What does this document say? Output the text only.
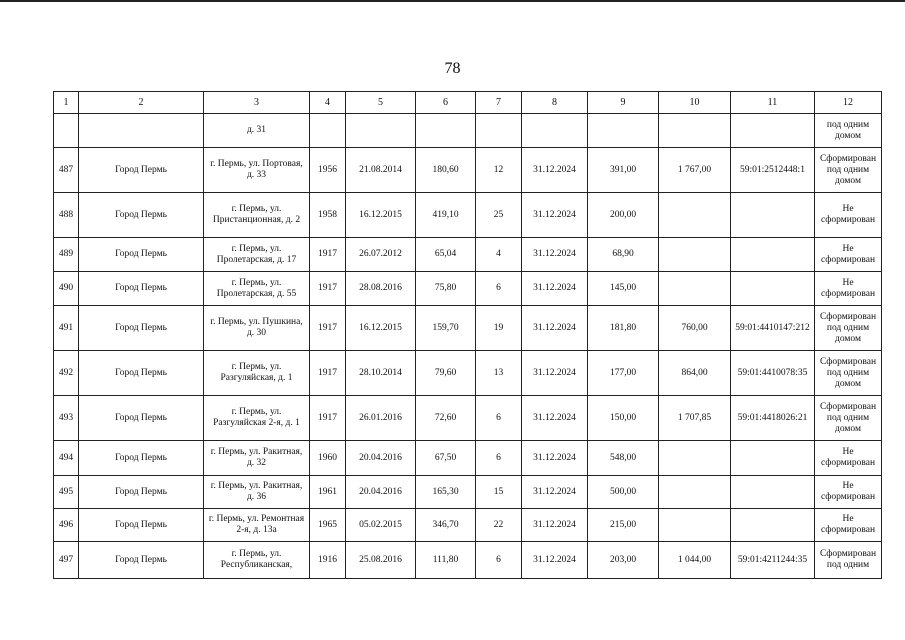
78
1	2	3	4	5	6	7	8	9	10	11	12
		д. 31									под одним домом
487	Город Пермь	г. Пермь, ул. Портовая, д. 33	1956	21.08.2014	180,60	12	31.12.2024	391,00	1 767,00	59:01:2512448:1	Сформирован под одним домом
488	Город Пермь	г. Пермь, ул. Пристанционная, д. 2	1958	16.12.2015	419,10	25	31.12.2024	200,00			Не сформирован
489	Город Пермь	г. Пермь, ул. Пролетарская, д. 17	1917	26.07.2012	65,04	4	31.12.2024	68,90			Не сформирован
490	Город Пермь	г. Пермь, ул. Пролетарская, д. 55	1917	28.08.2016	75,80	6	31.12.2024	145,00			Не сформирован
491	Город Пермь	г. Пермь, ул. Пушкина, д. 30	1917	16.12.2015	159,70	19	31.12.2024	181,80	760,00	59:01:4410147:212	Сформирован под одним домом
492	Город Пермь	г. Пермь, ул. Разгуляйская, д. 1	1917	28.10.2014	79,60	13	31.12.2024	177,00	864,00	59:01:4410078:35	Сформирован под одним домом
493	Город Пермь	г. Пермь, ул. Разгуляйская 2-я, д. 1	1917	26.01.2016	72,60	6	31.12.2024	150,00	1 707,85	59:01:4418026:21	Сформирован под одним домом
494	Город Пермь	г. Пермь, ул. Ракитная, д. 32	1960	20.04.2016	67,50	6	31.12.2024	548,00			Не сформирован
495	Город Пермь	г. Пермь, ул. Ракитная, д. 36	1961	20.04.2016	165,30	15	31.12.2024	500,00			Не сформирован
496	Город Пермь	г. Пермь, ул. Ремонтная 2-я, д. 13а	1965	05.02.2015	346,70	22	31.12.2024	215,00			Не сформирован
497	Город Пермь	г. Пермь, ул. Республиканская,	1916	25.08.2016	111,80	6	31.12.2024	203,00	1 044,00	59:01:4211244:35	Сформирован под одним
